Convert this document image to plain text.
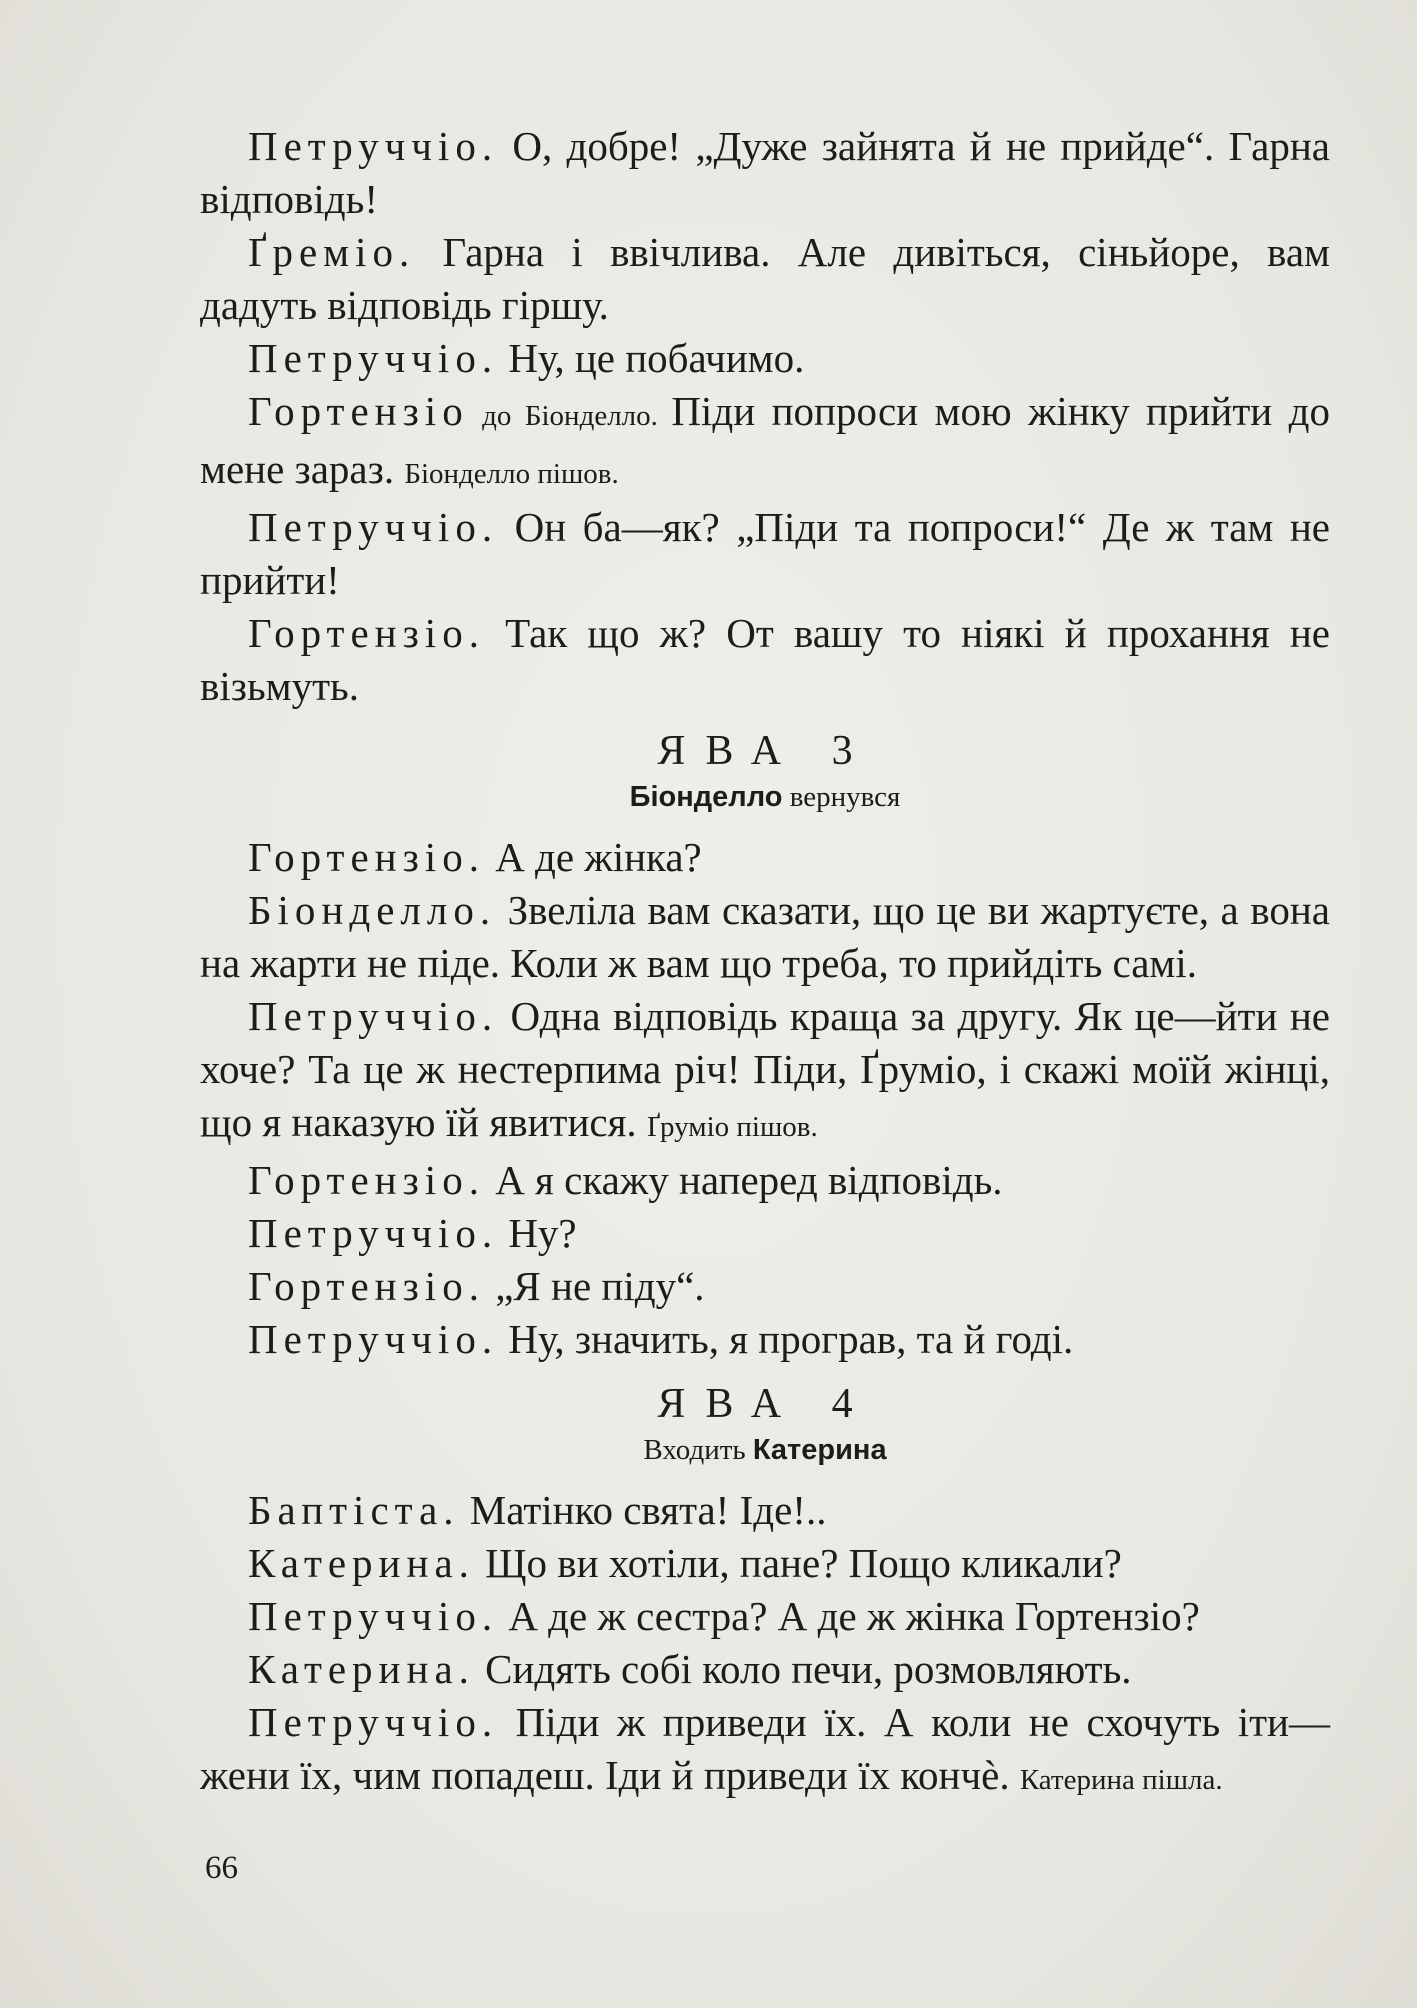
Петруччіо. О, добре! „Дуже зайнята й не прийде“. Гарна відповідь!

Ґреміо. Гарна і ввічлива. Але дивіться, сіньйоре, вам дадуть відповідь гіршу.

Петруччіо. Ну, це побачимо.

Гортензіо до Біонделло. Піди попроси мою жінку прийти до мене зараз. Біонделло пішов.

Петруччіо. Он ба—як? „Піди та попроси!“ Де ж там не прийти!

Гортензіо. Так що ж? От вашу то ніякі й прохання не візьмуть.

ЯВА 3
Біонделло вернувся

Гортензіо. А де жінка?

Біонделло. Звеліла вам сказати, що це ви жартуєте, а вона на жарти не піде. Коли ж вам що треба, то прийдіть самі.

Петруччіо. Одна відповідь краща за другу. Як це—йти не хоче? Та це ж нестерпима річ! Піди, Ґруміо, і скажі моїй жінці, що я наказую їй явитися. Ґруміо пішов.

Гортензіо. А я скажу наперед відповідь.

Петруччіо. Ну?

Гортензіо. „Я не піду“.

Петруччіо. Ну, значить, я програв, та й годі.

ЯВА 4
Входить Катерина

Баптіста. Матінко свята! Іде!..

Катерина. Що ви хотіли, пане? Пощо кликали?

Петруччіо. А де ж сестра? А де ж жінка Гортензіо?

Катерина. Сидять собі коло печи, розмовляють.

Петруччіо. Піди ж приведи їх. А коли не схочуть іти—жени їх, чим попадеш. Іди й приведи їх кончѐ. Катерина пішла.

66
